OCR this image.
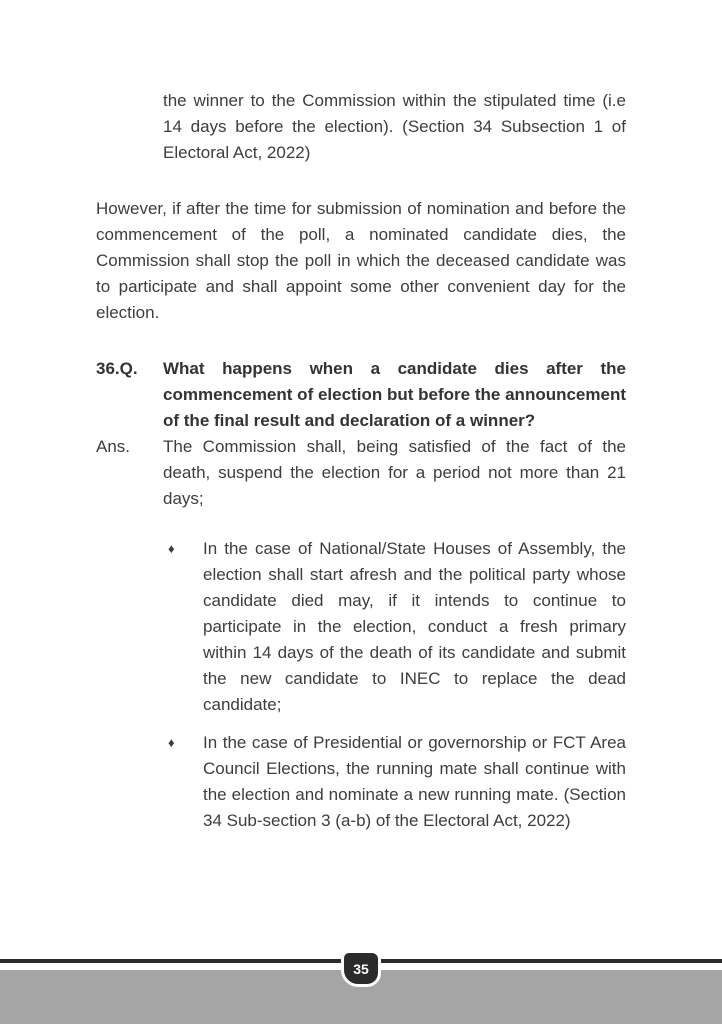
the winner to the Commission within the stipulated time (i.e 14 days before the election). (Section 34 Subsection 1 of Electoral Act, 2022)

However, if after the time for submission of nomination and before the commencement of the poll, a nominated candidate dies, the Commission shall stop the poll in which the deceased candidate was to participate and shall appoint some other convenient day for the election.

36.Q.	What happens when a candidate dies after the commencement of election but before the announcement of the final result and declaration of a winner?
Ans.	The Commission shall, being satisfied of the fact of the death, suspend the election for a period not more than 21 days;
♦	In the case of National/State Houses of Assembly, the election shall start afresh and the political party whose candidate died may, if it intends to continue to participate in the election, conduct a fresh primary within 14 days of the death of its candidate and submit the new candidate to INEC to replace the dead candidate;
♦	In the case of Presidential or governorship or FCT Area Council Elections, the running mate shall continue with the election and nominate a new running mate. (Section 34 Sub-section 3 (a-b) of the Electoral Act, 2022)
35
